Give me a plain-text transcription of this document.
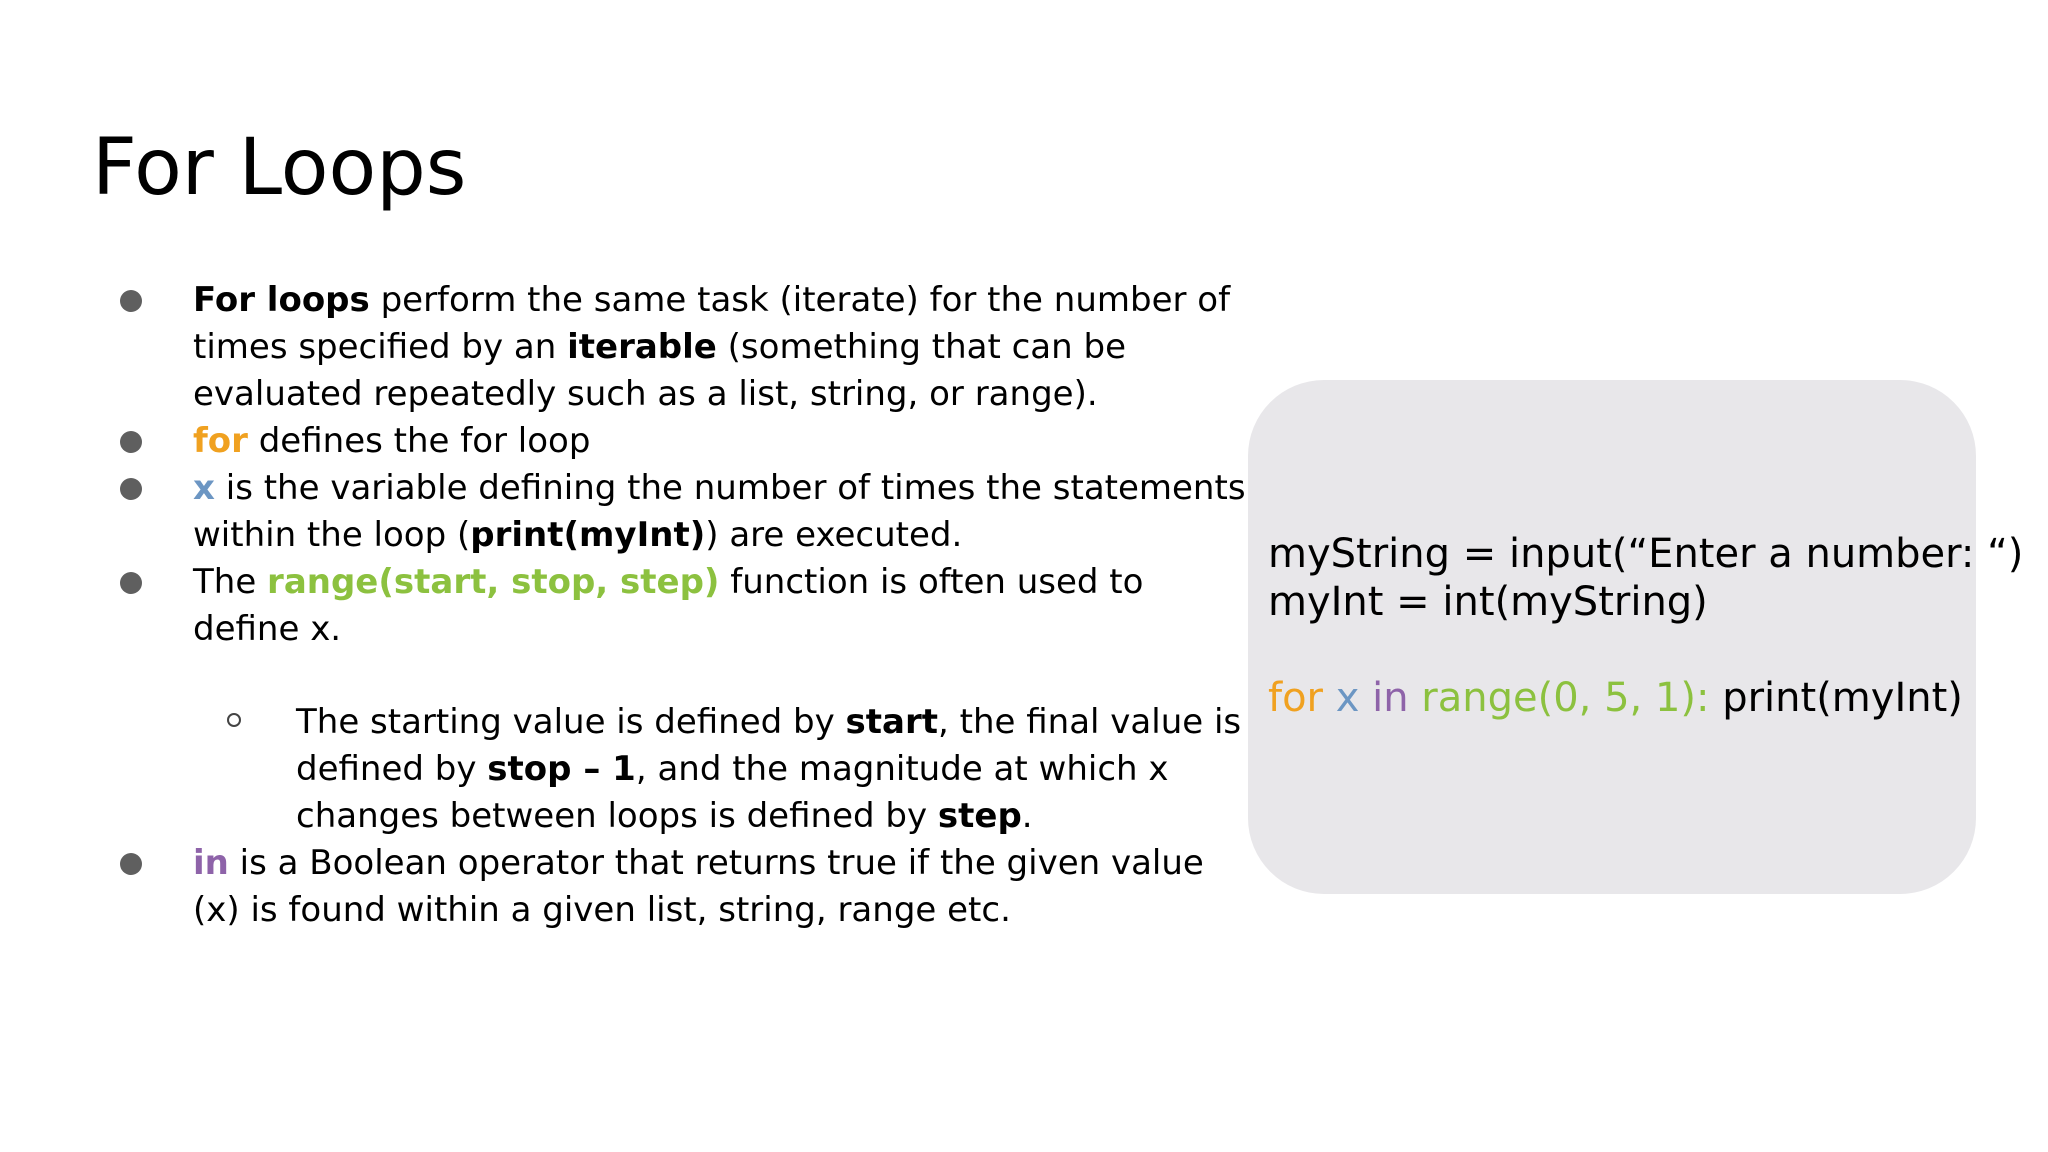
For Loops

For loops perform the same task (iterate) for the number of times specified by an iterable (something that can be evaluated repeatedly such as a list, string, or range).

for defines the for loop

x is the variable defining the number of times the statements within the loop (print(myInt)) are executed.

The range(start, stop, step) function is often used to define x.

The starting value is defined by start, the final value is defined by stop – 1, and the magnitude at which x changes between loops is defined by step.

in is a Boolean operator that returns true if the given value (x) is found within a given list, string, range etc.

myString = input(“Enter a number: “)
myInt = int(myString)
for x in range(0, 5, 1): print(myInt)
